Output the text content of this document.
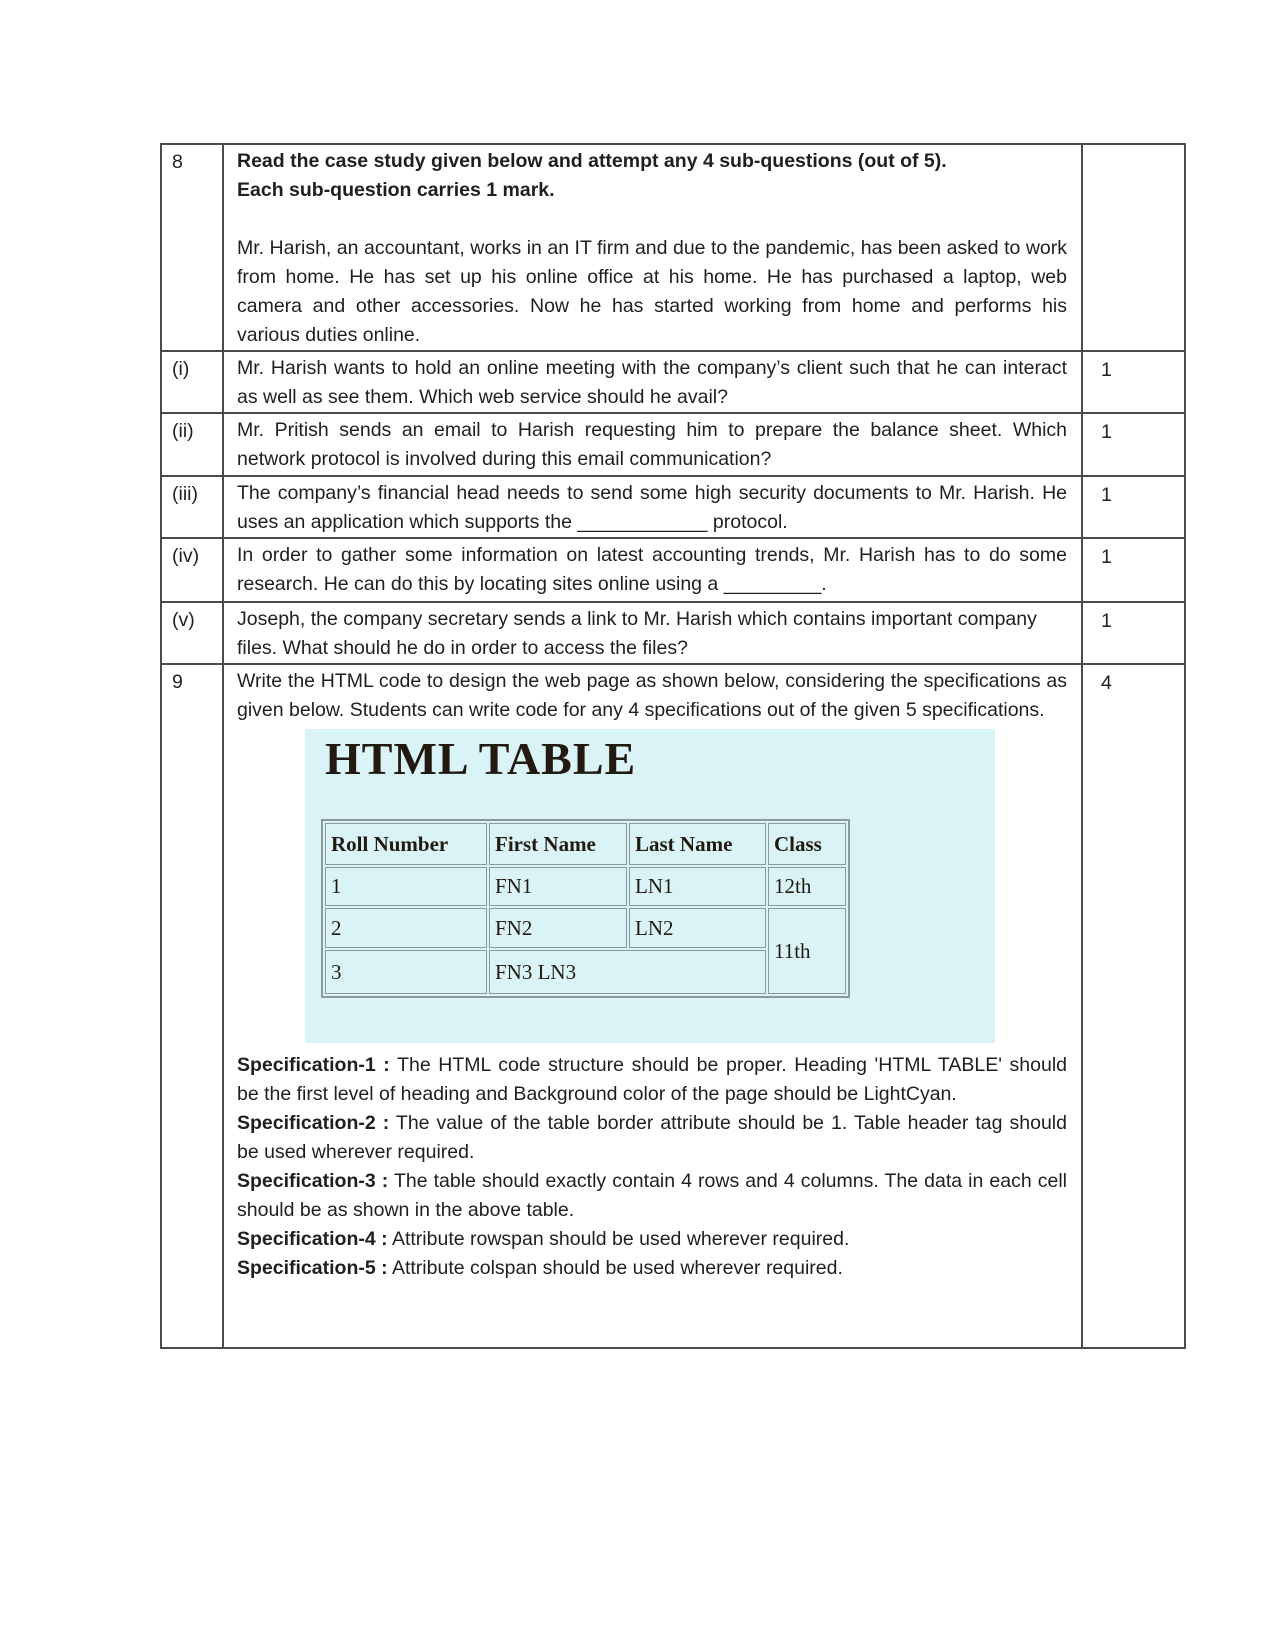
8	Read the case study given below and attempt any 4 sub-questions (out of 5).
Each sub-question carries 1 mark.
Mr. Harish, an accountant, works in an IT firm and due to the pandemic, has been asked to work from home. He has set up his online office at his home. He has purchased a laptop, web camera and other accessories. Now he has started working from home and performs his various duties online.

(i)	Mr. Harish wants to hold an online meeting with the company’s client such that he can interact as well as see them. Which web service should he avail?
	1
(ii)	Mr. Pritish sends an email to Harish requesting him to prepare the balance sheet. Which network protocol is involved during this email communication?
	1
(iii)	The company’s financial head needs to send some high security documents to Mr. Harish. He uses an application which supports the ____________ protocol.
	1
(iv)	In order to gather some information on latest accounting trends, Mr. Harish has to do some research. He can do this by locating sites online using a _________.
	1
(v)	Joseph, the company secretary sends a link to Mr. Harish which contains important company files. What should he do in order to access the files?
	1
9	Write the HTML code to design the web page as shown below, considering the specifications as given below. Students can write code for any 4 specifications out of the given 5 specifications.
HTML TABLE
Roll Number	First Name	Last Name	Class
1	FN1	LN1	12th
2	FN2	LN2	11th
3	FN3 LN3
Specification-1 : The HTML code structure should be proper. Heading 'HTML TABLE' should be the first level of heading and Background color of the page should be LightCyan.
Specification-2 : The value of the table border attribute should be 1. Table header tag should be used wherever required.
Specification-3 : The table should exactly contain 4 rows and 4 columns. The data in each cell should be as shown in the above table.
Specification-4 : Attribute rowspan should be used wherever required.
Specification-5 : Attribute colspan should be used wherever required.
	4
